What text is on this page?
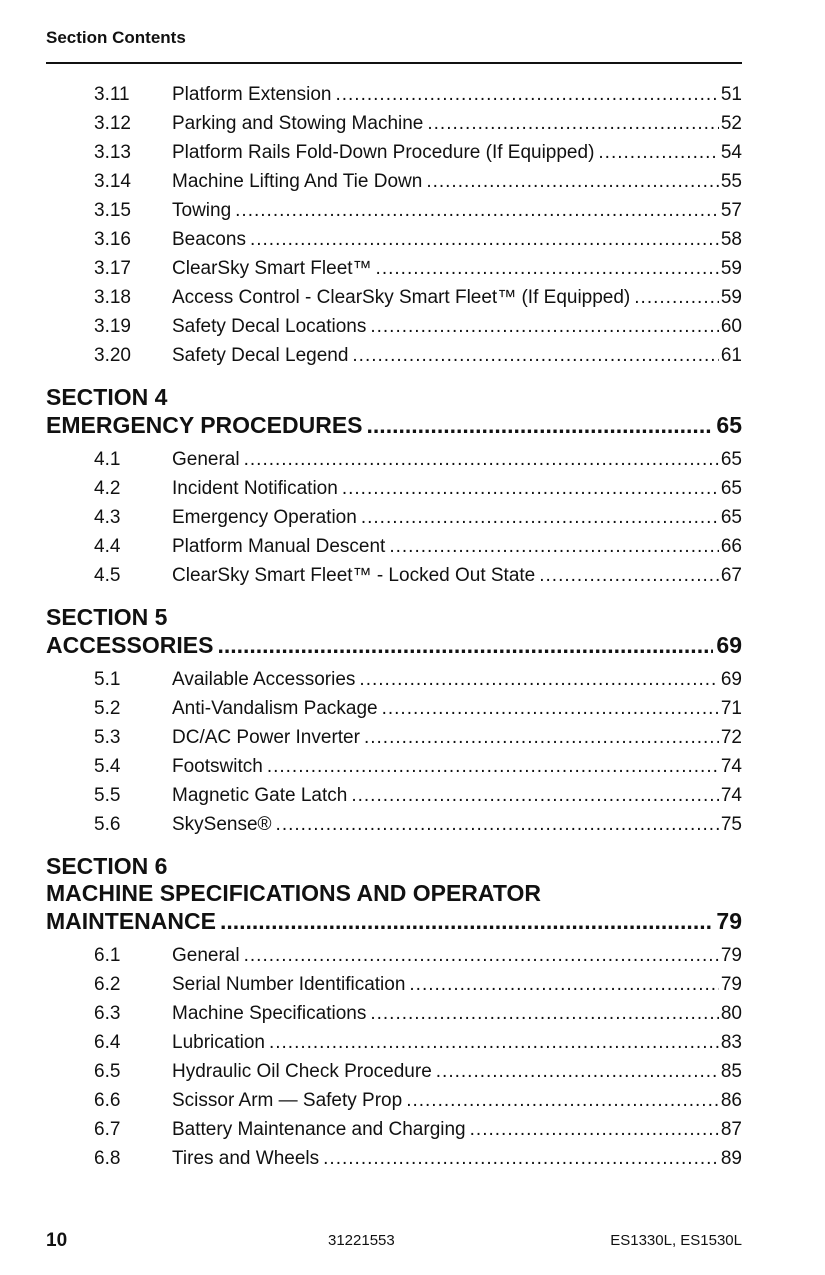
Section Contents
3.11	Platform Extension .....	51
3.12	Parking and Stowing Machine .....	52
3.13	Platform Rails Fold-Down Procedure (If Equipped) .....	54
3.14	Machine Lifting And Tie Down .....	55
3.15	Towing .....	57
3.16	Beacons .....	58
3.17	ClearSky Smart Fleet™ .....	59
3.18	Access Control - ClearSky Smart Fleet™ (If Equipped) .....	59
3.19	Safety Decal Locations .....	60
3.20	Safety Decal Legend .....	61
SECTION 4
EMERGENCY PROCEDURES .....	65
4.1	General .....	65
4.2	Incident Notification .....	65
4.3	Emergency Operation .....	65
4.4	Platform Manual Descent .....	66
4.5	ClearSky Smart Fleet™ - Locked Out State .....	67
SECTION 5
ACCESSORIES .....	69
5.1	Available Accessories .....	69
5.2	Anti-Vandalism Package .....	71
5.3	DC/AC Power Inverter .....	72
5.4	Footswitch .....	74
5.5	Magnetic Gate Latch .....	74
5.6	SkySense® .....	75
SECTION 6
MACHINE SPECIFICATIONS AND OPERATOR
MAINTENANCE .....	79
6.1	General .....	79
6.2	Serial Number Identification .....	79
6.3	Machine Specifications .....	80
6.4	Lubrication .....	83
6.5	Hydraulic Oil Check Procedure .....	85
6.6	Scissor Arm — Safety Prop .....	86
6.7	Battery Maintenance and Charging .....	87
6.8	Tires and Wheels .....	89
10	31221553	ES1330L, ES1530L
